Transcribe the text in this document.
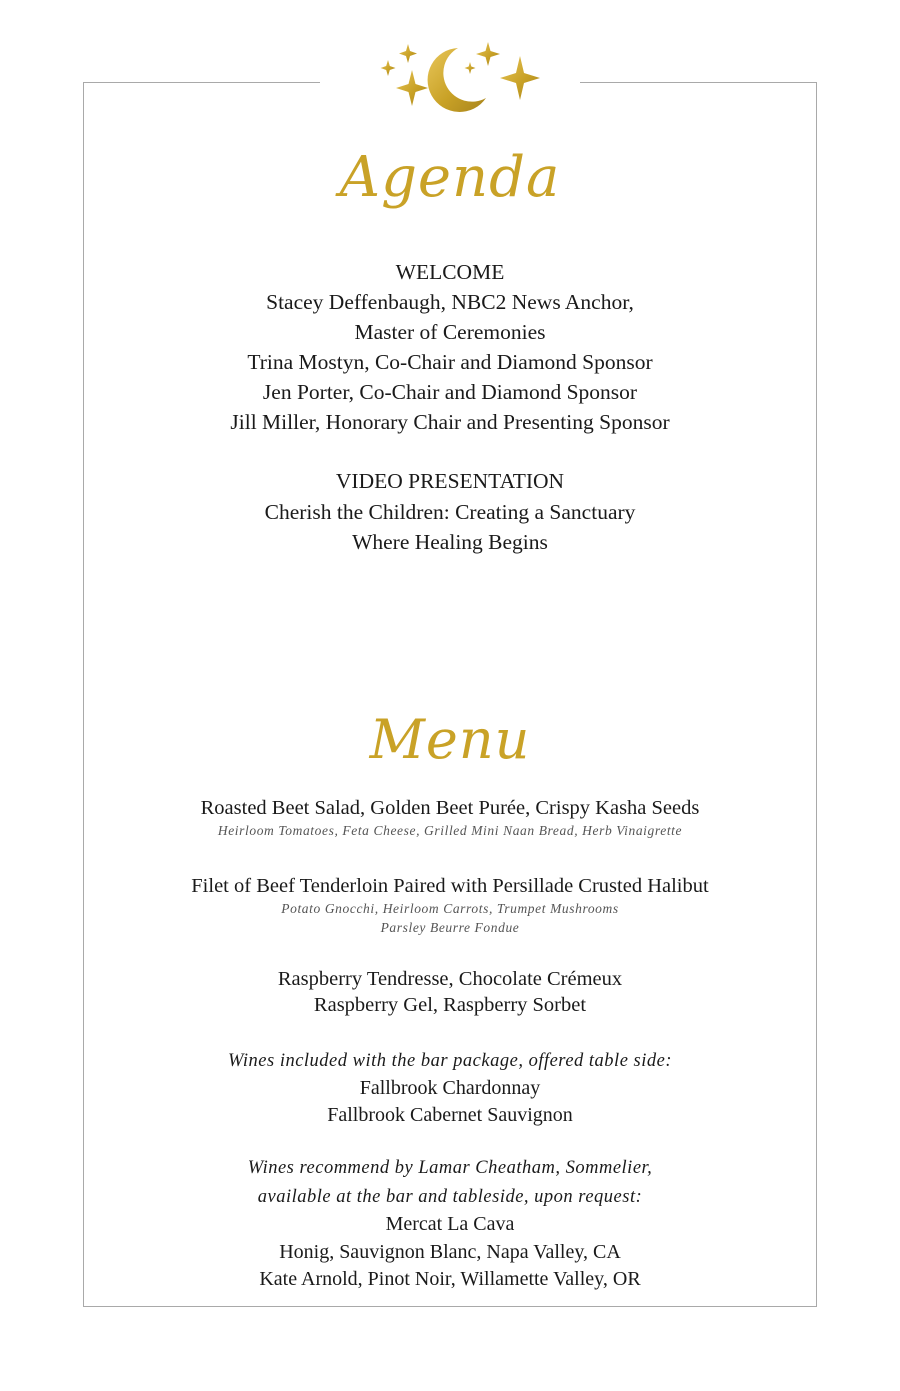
Agenda
WELCOME
Stacey Deffenbaugh, NBC2 News Anchor,
Master of Ceremonies
Trina Mostyn, Co-Chair and Diamond Sponsor
Jen Porter, Co-Chair and Diamond Sponsor
Jill Miller, Honorary Chair and Presenting Sponsor
VIDEO PRESENTATION
Cherish the Children: Creating a Sanctuary
Where Healing Begins
Menu
Roasted Beet Salad, Golden Beet Purée, Crispy Kasha Seeds
Heirloom Tomatoes, Feta Cheese, Grilled Mini Naan Bread, Herb Vinaigrette
Filet of Beef Tenderloin Paired with Persillade Crusted Halibut
Potato Gnocchi, Heirloom Carrots, Trumpet Mushrooms
Parsley Beurre Fondue
Raspberry Tendresse, Chocolate Crémeux
Raspberry Gel, Raspberry Sorbet
Wines included with the bar package, offered table side:
Fallbrook Chardonnay
Fallbrook Cabernet Sauvignon
Wines recommend by Lamar Cheatham, Sommelier,
available at the bar and tableside, upon request:
Mercat La Cava
Honig, Sauvignon Blanc, Napa Valley, CA
Kate Arnold, Pinot Noir, Willamette Valley, OR
